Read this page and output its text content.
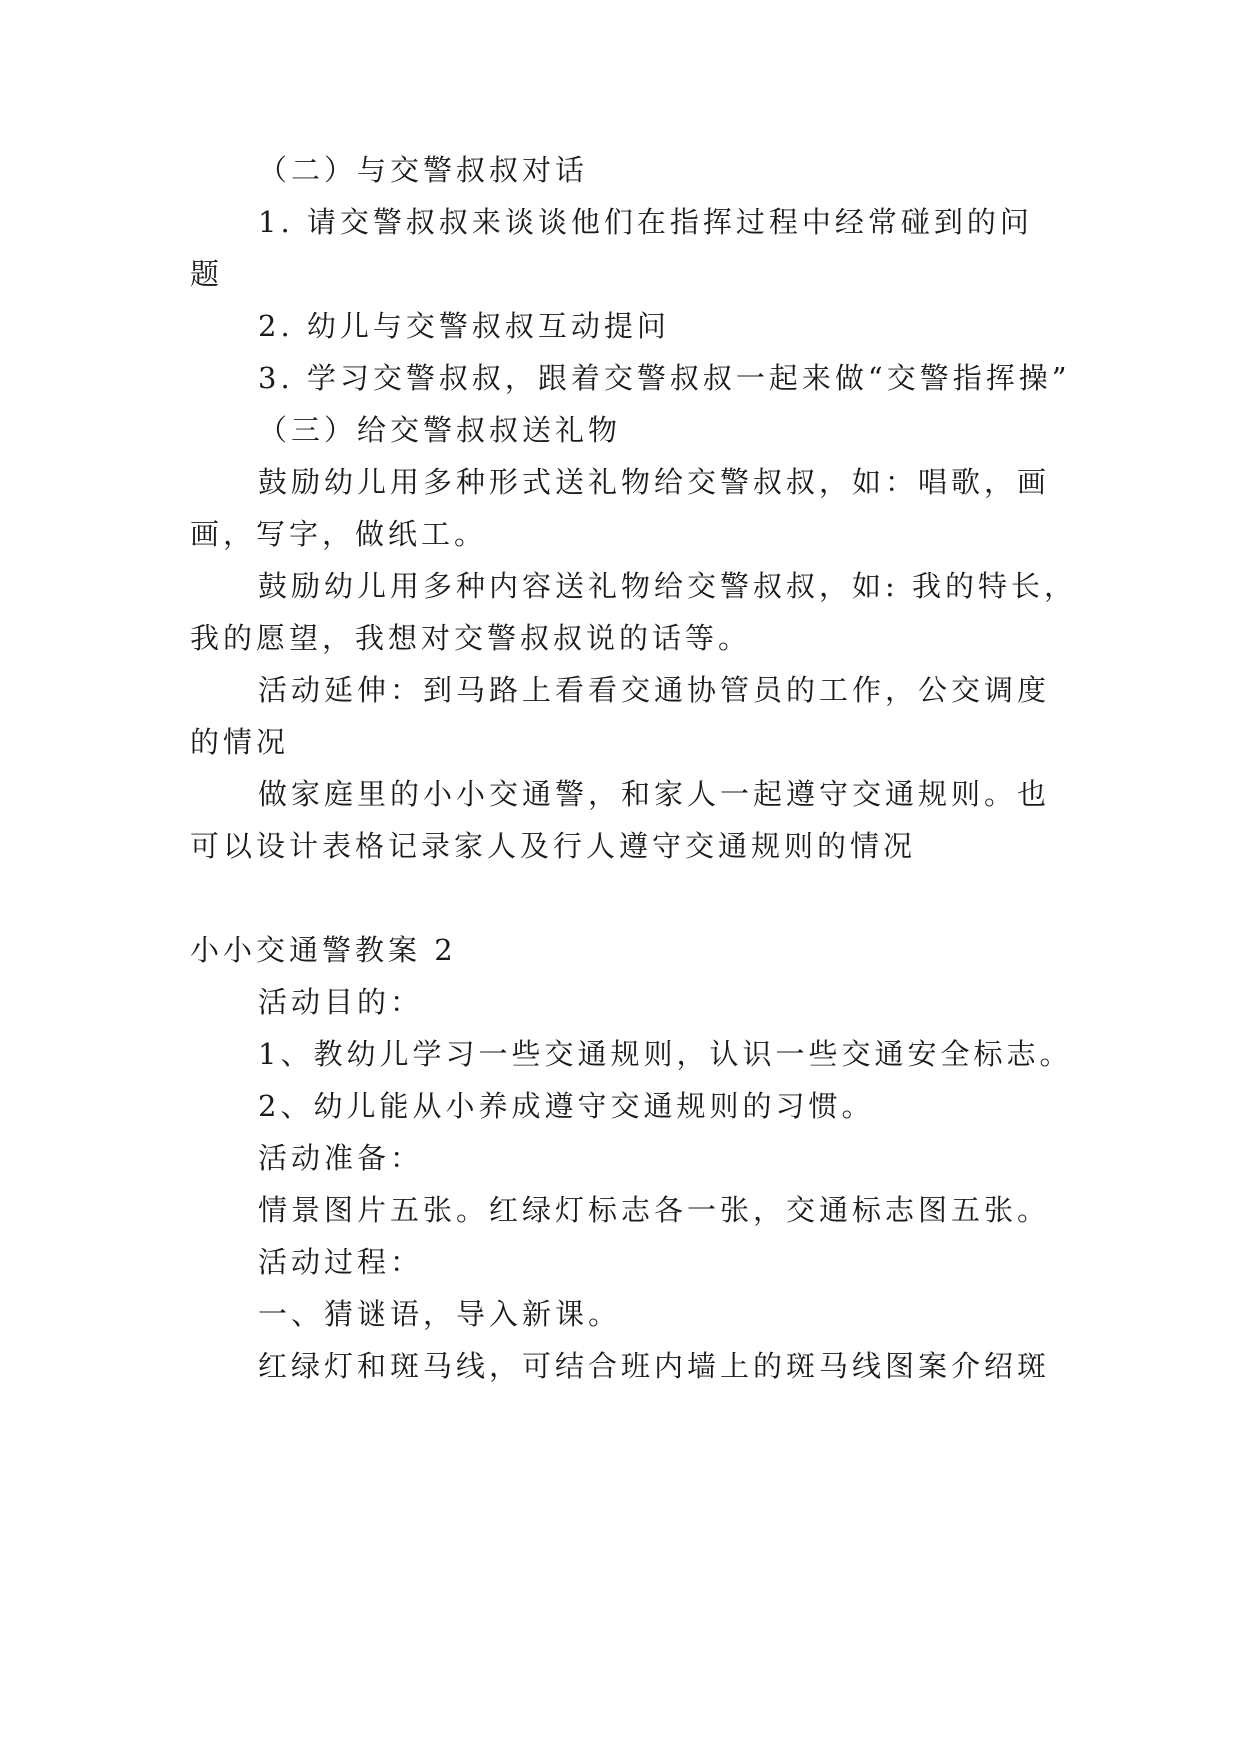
（二）与交警叔叔对话

1. 请交警叔叔来谈谈他们在指挥过程中经常碰到的问

题

2. 幼儿与交警叔叔互动提问

3. 学习交警叔叔，跟着交警叔叔一起来做“交警指挥操”

（三）给交警叔叔送礼物

鼓励幼儿用多种形式送礼物给交警叔叔，如：唱歌，画

画，写字，做纸工。

鼓励幼儿用多种内容送礼物给交警叔叔，如: 我的特长，

我的愿望，我想对交警叔叔说的话等。

活动延伸：到马路上看看交通协管员的工作，公交调度

的情况

做家庭里的小小交通警，和家人一起遵守交通规则。也

可以设计表格记录家人及行人遵守交通规则的情况

小小交通警教案 2

活动目的：

1、教幼儿学习一些交通规则，认识一些交通安全标志。

2、幼儿能从小养成遵守交通规则的习惯。

活动准备：

情景图片五张。红绿灯标志各一张，交通标志图五张。

活动过程：

一、猜谜语，导入新课。

红绿灯和斑马线，可结合班内墙上的斑马线图案介绍斑
